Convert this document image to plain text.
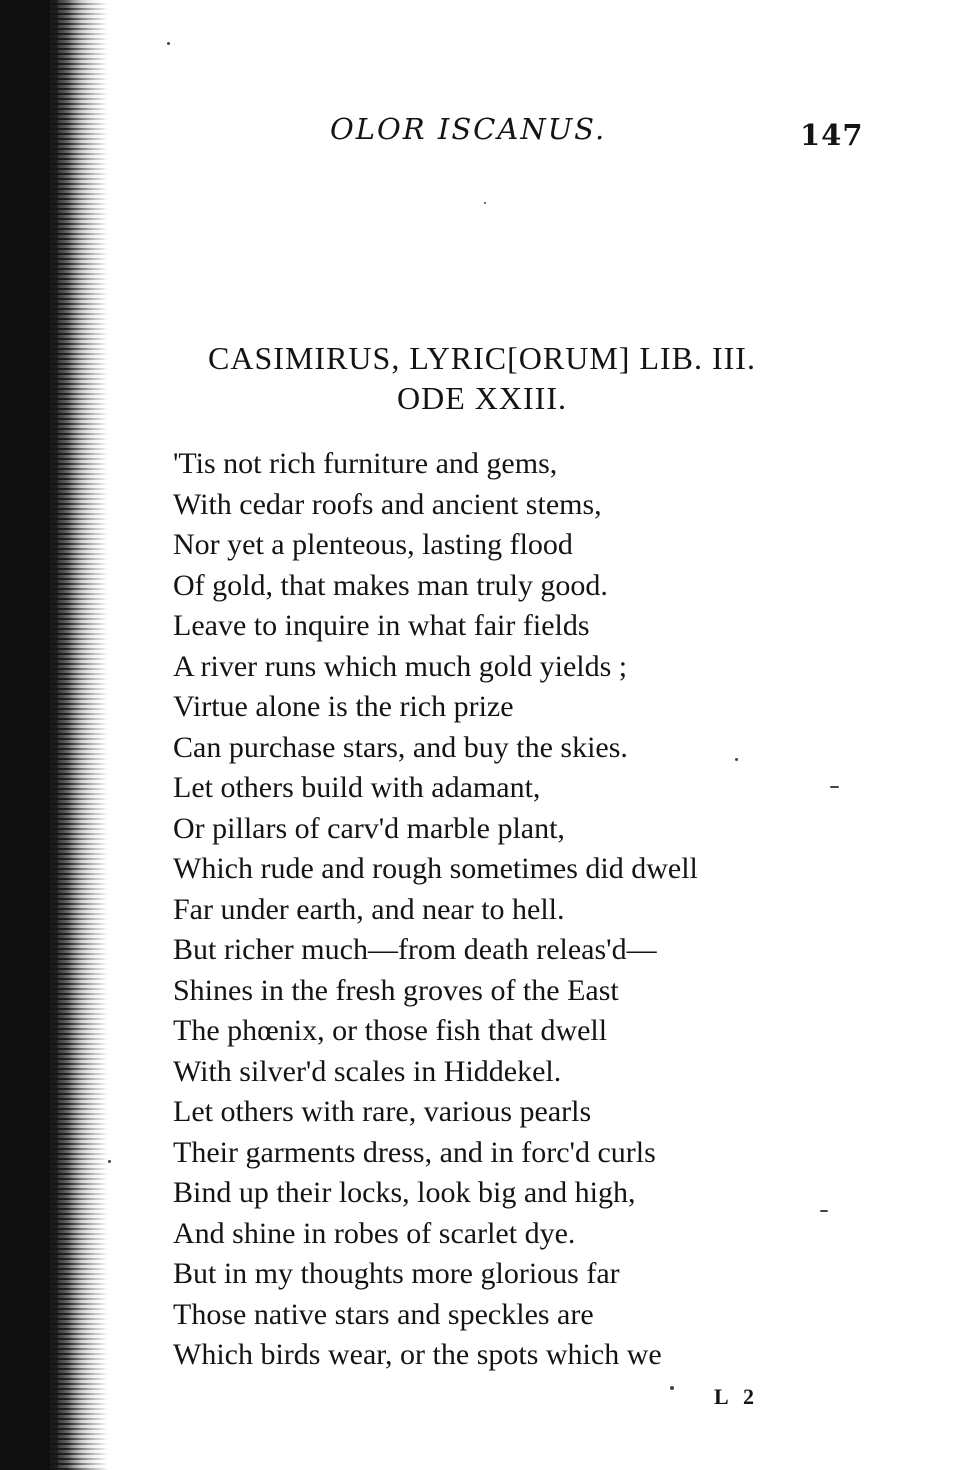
OLOR ISCANUS.	147
CASIMIRUS, LYRIC[ORUM] LIB. III.
ODE XXIII.
'Tis not rich furniture and gems,
With cedar roofs and ancient stems,
Nor yet a plenteous, lasting flood
Of gold, that makes man truly good.
Leave to inquire in what fair fields
A river runs which much gold yields ;
Virtue alone is the rich prize
Can purchase stars, and buy the skies.
Let others build with adamant,
Or pillars of carv'd marble plant,
Which rude and rough sometimes did dwell
Far under earth, and near to hell.
But richer much—from death releas'd—
Shines in the fresh groves of the East
The phœnix, or those fish that dwell
With silver'd scales in Hiddekel.
Let others with rare, various pearls
Their garments dress, and in forc'd curls
Bind up their locks, look big and high,
And shine in robes of scarlet dye.
But in my thoughts more glorious far
Those native stars and speckles are
Which birds wear, or the spots which we
L 2
